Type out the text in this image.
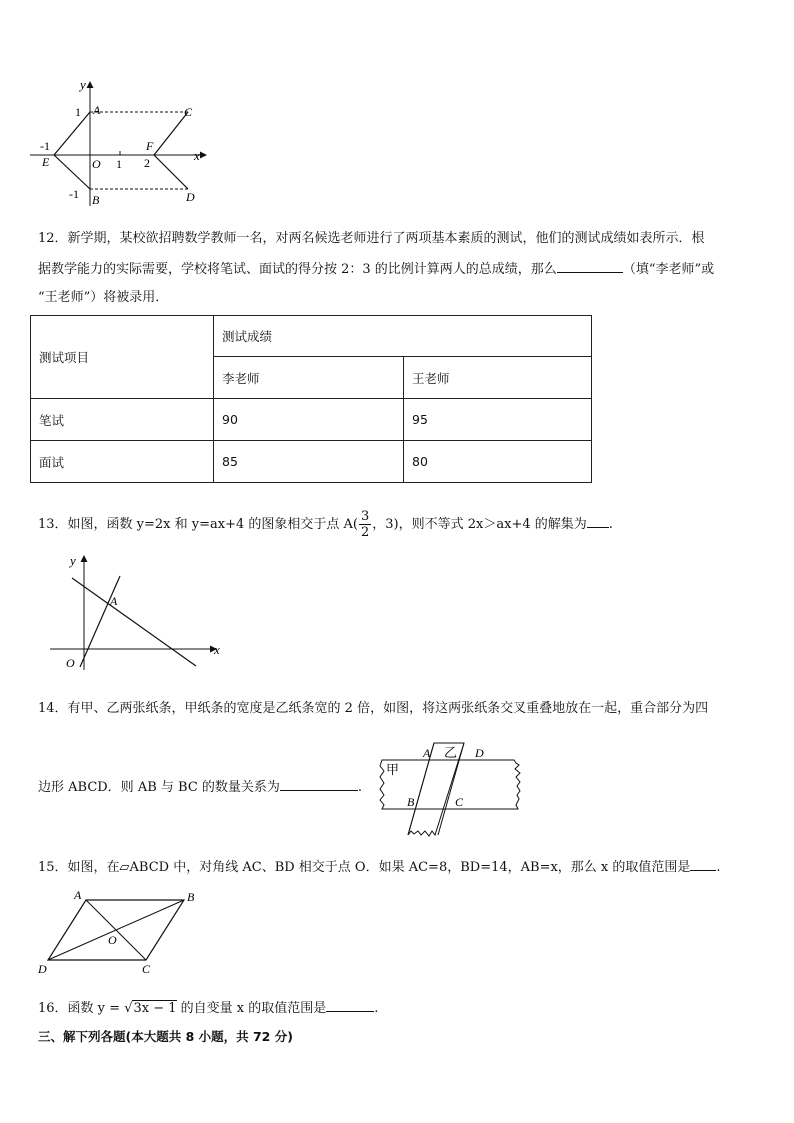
y
x
1
-1
-1
1 2
A
B
C
D
E
F
O
12．新学期，某校欲招聘数学教师一名，对两名候选老师进行了两项基本素质的测试，他们的测试成绩如表所示．根
据教学能力的实际需要，学校将笔试、面试的得分按 2：3 的比例计算两人的总成绩，那么	（填“李老师”或
“王老师”）将被录用．
测试项目	测试成绩	
	李老师	王老师
笔试	90	95
面试	85	80
13．如图，函数 y=2x 和 y=ax+4 的图象相交于点 $A( \frac{3}{2}$ ，3)，则不等式 2x＞ax+4 的解集为 .
y
x
A
O
14．有甲、乙两张纸条，甲纸条的宽度是乙纸条宽的 2 倍，如图，将这两张纸条交叉重叠地放在一起，重合部分为四
边形 ABCD．则 AB 与 BC 的数量关系为	.
甲
乙
A	D
B	C
15．如图，在▱ABCD 中，对角线 AC、BD 相交于点 O．如果 AC=8，BD=14，AB=x，那么 x 的取值范围是 .
A	B
C
D
O
16．函数 y = √3x − 1 的自变量 x 的取值范围是	.
三、解下列各题(本大题共 8 小题，共 72 分)
